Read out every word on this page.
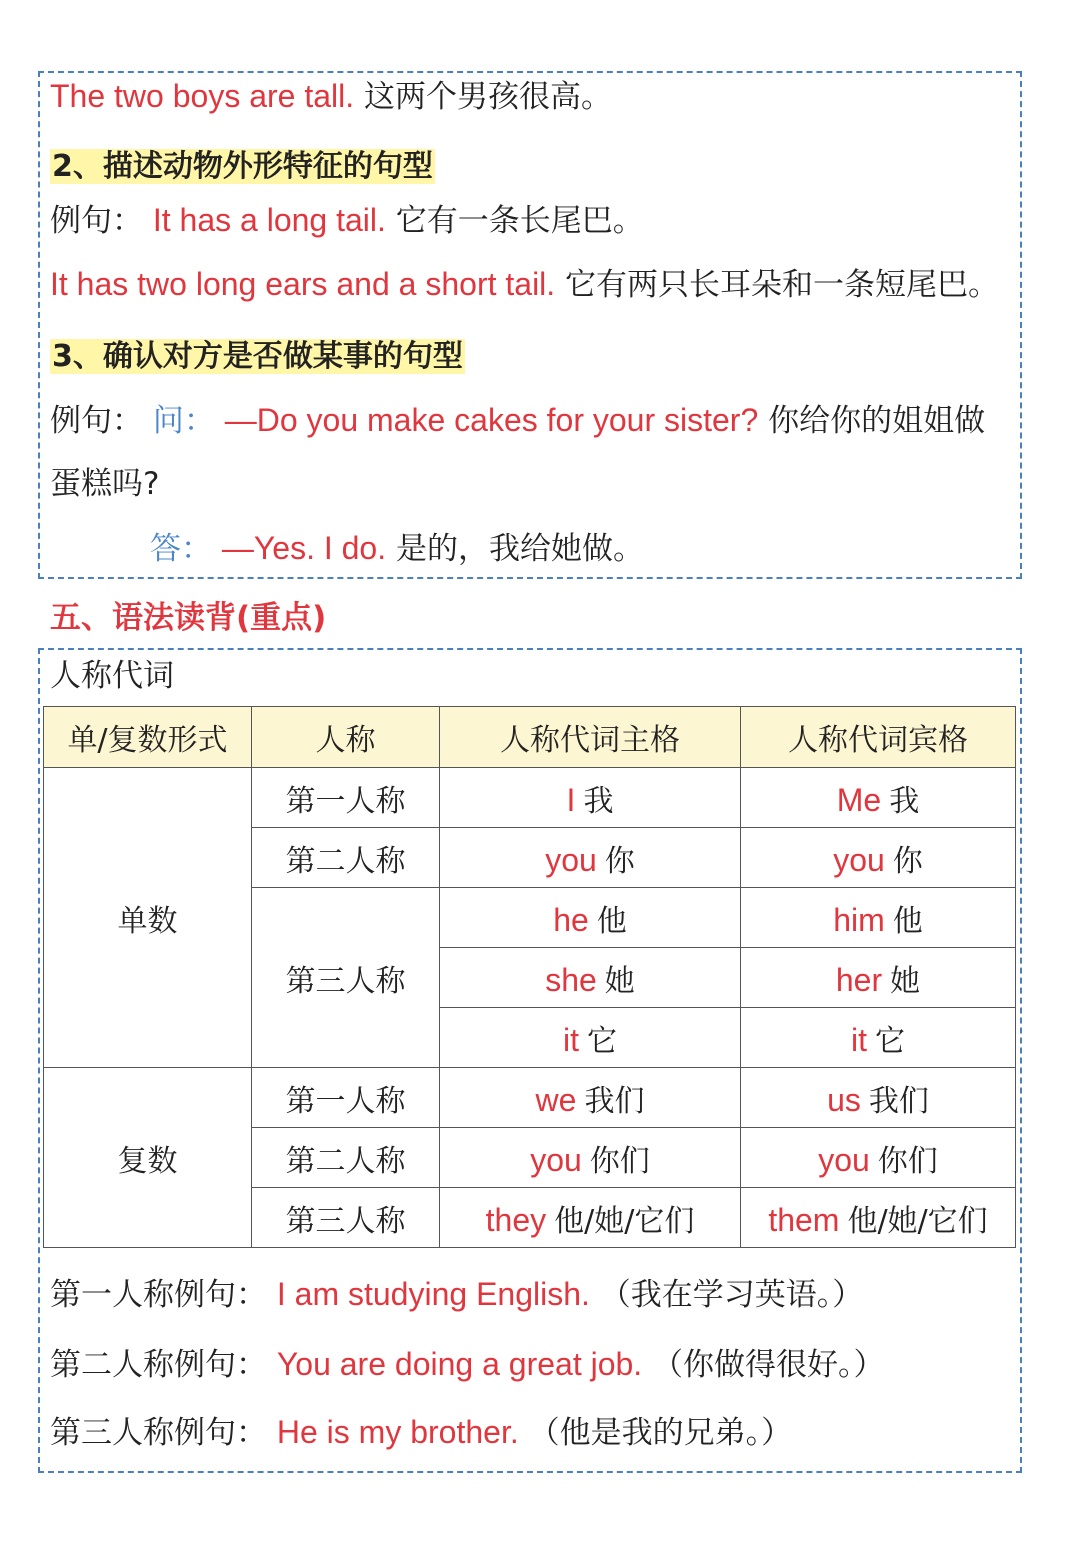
The two boys are tall. 这两个男孩很高。
2、描述动物外形特征的句型
例句： It has a long tail. 它有一条长尾巴。
It has two long ears and a short tail. 它有两只长耳朵和一条短尾巴。
3、确认对方是否做某事的句型
例句： 问： —Do you make cakes for your sister? 你给你的姐姐做
蛋糕吗?
答： —Yes. I do. 是的，我给她做。
五、语法读背(重点)
人称代词
单/复数形式	人称	人称代词主格	人称代词宾格
单数	第一人称	I 我	Me 我
	第二人称	you 你	you 你
	第三人称	he 他	him 他
		she 她	her 她
		it 它	it 它
复数	第一人称	we 我们	us 我们
	第二人称	you 你们	you 你们
	第三人称	they 他/她/它们	them 他/她/它们
第一人称例句： I am studying English. （我在学习英语。）
第二人称例句： You are doing a great job. （你做得很好。）
第三人称例句： He is my brother. （他是我的兄弟。）
